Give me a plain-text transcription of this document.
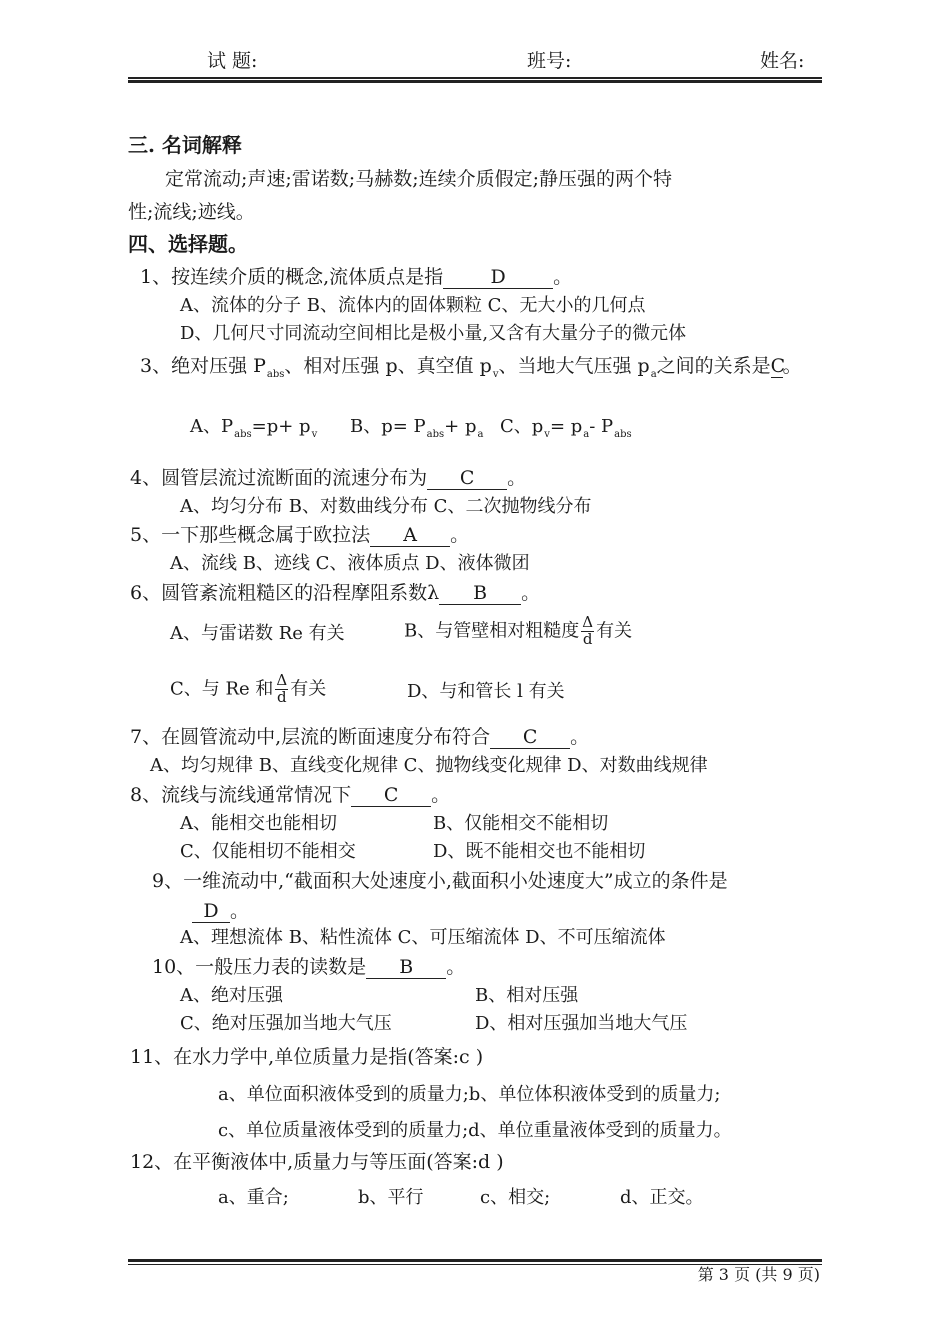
试 题:	班号:	姓名:
三. 名词解释
定常流动;声速;雷诺数;马赫数;连续介质假定;静压强的两个特
性;流线;迹线。
四、选择题。
1、按连续介质的概念,流体质点是指 D 。
A、流体的分子 B、流体内的固体颗粒 C、无大小的几何点
D、几何尺寸同流动空间相比是极小量,又含有大量分子的微元体
3、绝对压强 $P_{abs}$、相对压强 p、真空值 $p_v$、当地大气压强 $p_a$之间的关系是C。
A、$P_{abs}=p+ p_v$ B、$p= P_{abs}+ p_a$ C、$p_v= p_a-$ $P_{abs}$
4、圆管层流过流断面的流速分布为 C 。
A、均匀分布 B、对数曲线分布 C、二次抛物线分布
5、一下那些概念属于欧拉法 A 。
A、流线 B、迹线 C、液体质点 D、液体微团
6、圆管紊流粗糙区的沿程摩阻系数λ B 。
A、与雷诺数 Re 有关	B、与管壁相对粗糙度 $\frac{\Delta}{d}$ 有关
C、与 Re 和 $\frac{\Delta}{d}$ 有关	D、与和管长 l 有关
7、在圆管流动中,层流的断面速度分布符合 C 。
A、均匀规律 B、直线变化规律 C、抛物线变化规律 D、对数曲线规律
8、流线与流线通常情况下 C 。
A、能相交也能相切	B、仅能相交不能相切
C、仅能相切不能相交	D、既不能相交也不能相切
9、一维流动中,“截面积大处速度小,截面积小处速度大”成立的条件是
D 。
A、理想流体 B、粘性流体 C、可压缩流体 D、不可压缩流体
10、一般压力表的读数是 B 。
A、绝对压强	B、相对压强
C、绝对压强加当地大气压	D、相对压强加当地大气压
11、在水力学中,单位质量力是指(答案:c )
a、单位面积液体受到的质量力;b、单位体积液体受到的质量力;
c、单位质量液体受到的质量力;d、单位重量液体受到的质量力。
12、在平衡液体中,质量力与等压面(答案:d )
a、重合;	b、平行	c、相交;	d、正交。
第 3 页 (共 9 页)
